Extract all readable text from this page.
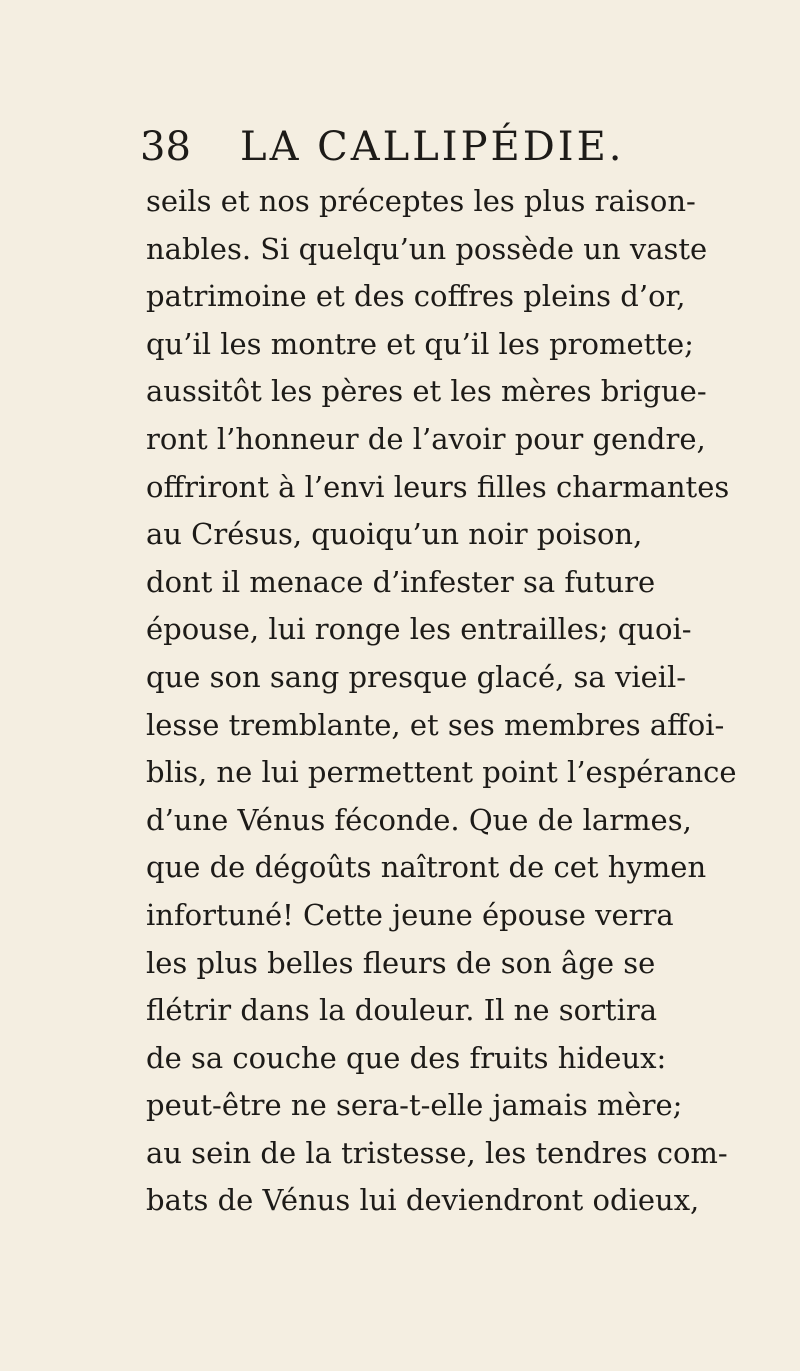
38 LA CALLIPÉDIE.
seils et nos préceptes les plus raison-
nables. Si quelqu’un possède un vaste
patrimoine et des coffres pleins d’or,
qu’il les montre et qu’il les promette;
aussitôt les pères et les mères brigue-
ront l’honneur de l’avoir pour gendre,
offriront à l’envi leurs filles charmantes
au Crésus, quoiqu’un noir poison,
dont il menace d’infester sa future
épouse, lui ronge les entrailles; quoi-
que son sang presque glacé, sa vieil-
lesse tremblante, et ses membres affoi-
blis, ne lui permettent point l’espérance
d’une Vénus féconde. Que de larmes,
que de dégoûts naîtront de cet hymen
infortuné! Cette jeune épouse verra
les plus belles fleurs de son âge se
flétrir dans la douleur. Il ne sortira
de sa couche que des fruits hideux:
peut-être ne sera-t-elle jamais mère;
au sein de la tristesse, les tendres com-
bats de Vénus lui deviendront odieux,
